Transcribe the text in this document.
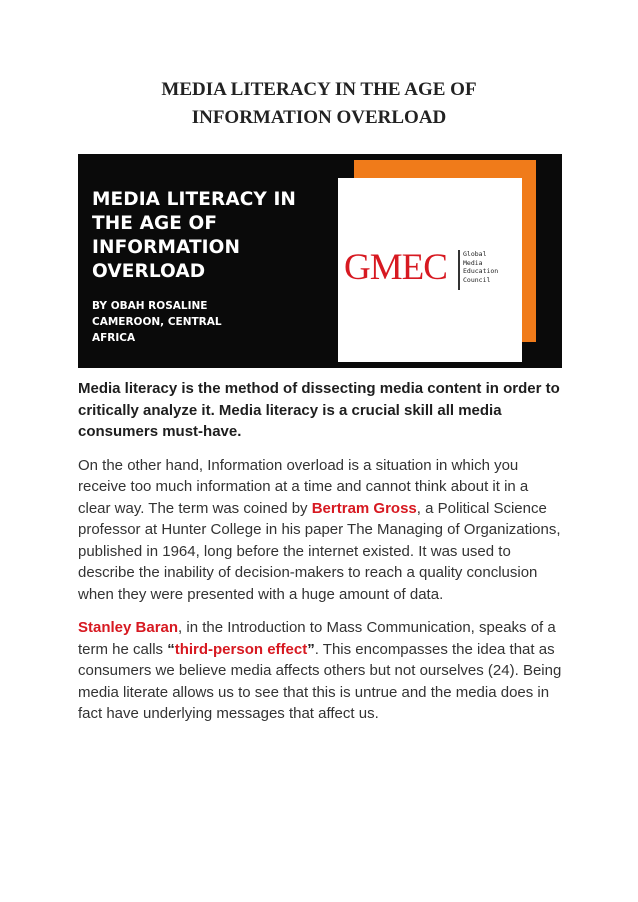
MEDIA LITERACY IN THE AGE OF
INFORMATION OVERLOAD
MEDIA LITERACY IN
THE AGE OF INFORMATION
OVERLOAD
BY OBAH ROSALINE
CAMEROON, CENTRAL
AFRICA
GMEC Global
Media
Education
Council

Media literacy is the method of dissecting media content in order to critically analyze it. Media literacy is a crucial skill all media consumers must-have.

On the other hand, Information overload is a situation in which you receive too much information at a time and cannot think about it in a clear way. The term was coined by Bertram Gross, a Political Science professor at Hunter College in his paper The Managing of Organizations, published in 1964, long before the internet existed. It was used to describe the inability of decision-makers to reach a quality conclusion when they were presented with a huge amount of data.

Stanley Baran, in the Introduction to Mass Communication, speaks of a term he calls “third-person effect”. This encompasses the idea that as consumers we believe media affects others but not ourselves (24). Being media literate allows us to see that this is untrue and the media does in fact have underlying messages that affect us.
